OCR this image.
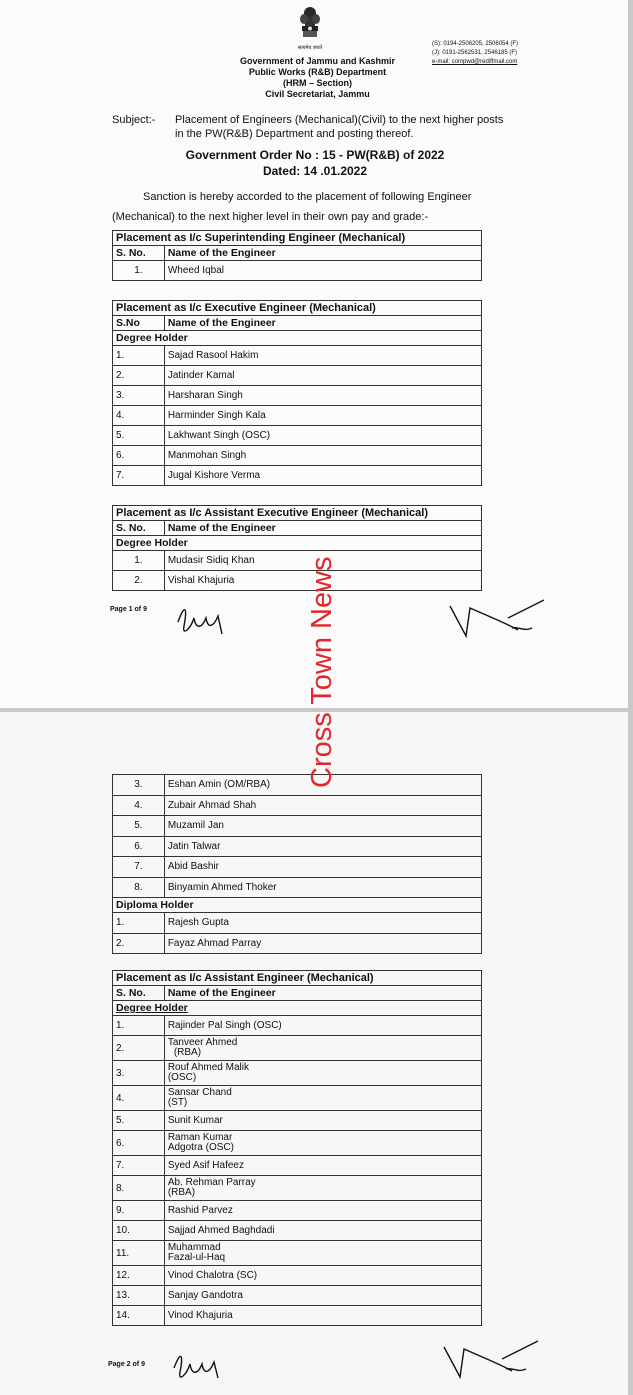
सत्यमेव जयते
Government of Jammu and Kashmir
Public Works (R&B) Department
(HRM – Section)
Civil Secretariat, Jammu
(S): 0194-2506205, 2506054 (F)
(J): 0191-2562531, 2546185 (F)
e-mail: compwd@rediffmail.com
Subject:- Placement of Engineers (Mechanical)(Civil) to the next higher posts
in the PW(R&B) Department and posting thereof.
Government Order No : 15 - PW(R&B) of 2022
Dated: 14 .01.2022
Sanction is hereby accorded to the placement of following Engineer
(Mechanical) to the next higher level in their own pay and grade:-
Placement as I/c Superintending Engineer (Mechanical)	
S. No.	Name of the Engineer
1.	Wheed Iqbal
Placement as I/c Executive Engineer (Mechanical)	
S.No	Name of the Engineer
Degree Holder	
1.	Sajad Rasool Hakim
2.	Jatinder Kamal
3.	Harsharan Singh
4.	Harminder Singh Kala
5.	Lakhwant Singh (OSC)
6.	Manmohan Singh
7.	Jugal Kishore Verma
Placement as I/c Assistant Executive Engineer (Mechanical)	
S. No.	Name of the Engineer
Degree Holder	
1.	Mudasir Sidiq Khan
2.	Vishal Khajuria
Page 1 of 9
3.	Eshan Amin (OM/RBA)
4.	Zubair Ahmad Shah
5.	Muzamil Jan
6.	Jatin Talwar
7.	Abid Bashir
8.	Binyamin Ahmed Thoker
Diploma Holder	
1.	Rajesh Gupta
2.	Fayaz Ahmad Parray
Placement as I/c Assistant Engineer (Mechanical)	
S. No.	Name of the Engineer
Degree Holder	
1.	Rajinder Pal Singh (OSC)
2.	Tanveer Ahmed
(RBA)

3.	Rouf Ahmed Malik
(OSC)

4.	Sansar Chand
(ST)

5.	Sunit Kumar
6.	Raman Kumar
Adgotra (OSC)

7.	Syed Asif Hafeez
8.	Ab. Rehman Parray
(RBA)

9.	Rashid Parvez
10.	Sajjad Ahmed Baghdadi
11.	Muhammad
Fazal-ul-Haq

12.	Vinod Chalotra (SC)
13.	Sanjay Gandotra
14.	Vinod Khajuria
Page 2 of 9
Cross Town News
